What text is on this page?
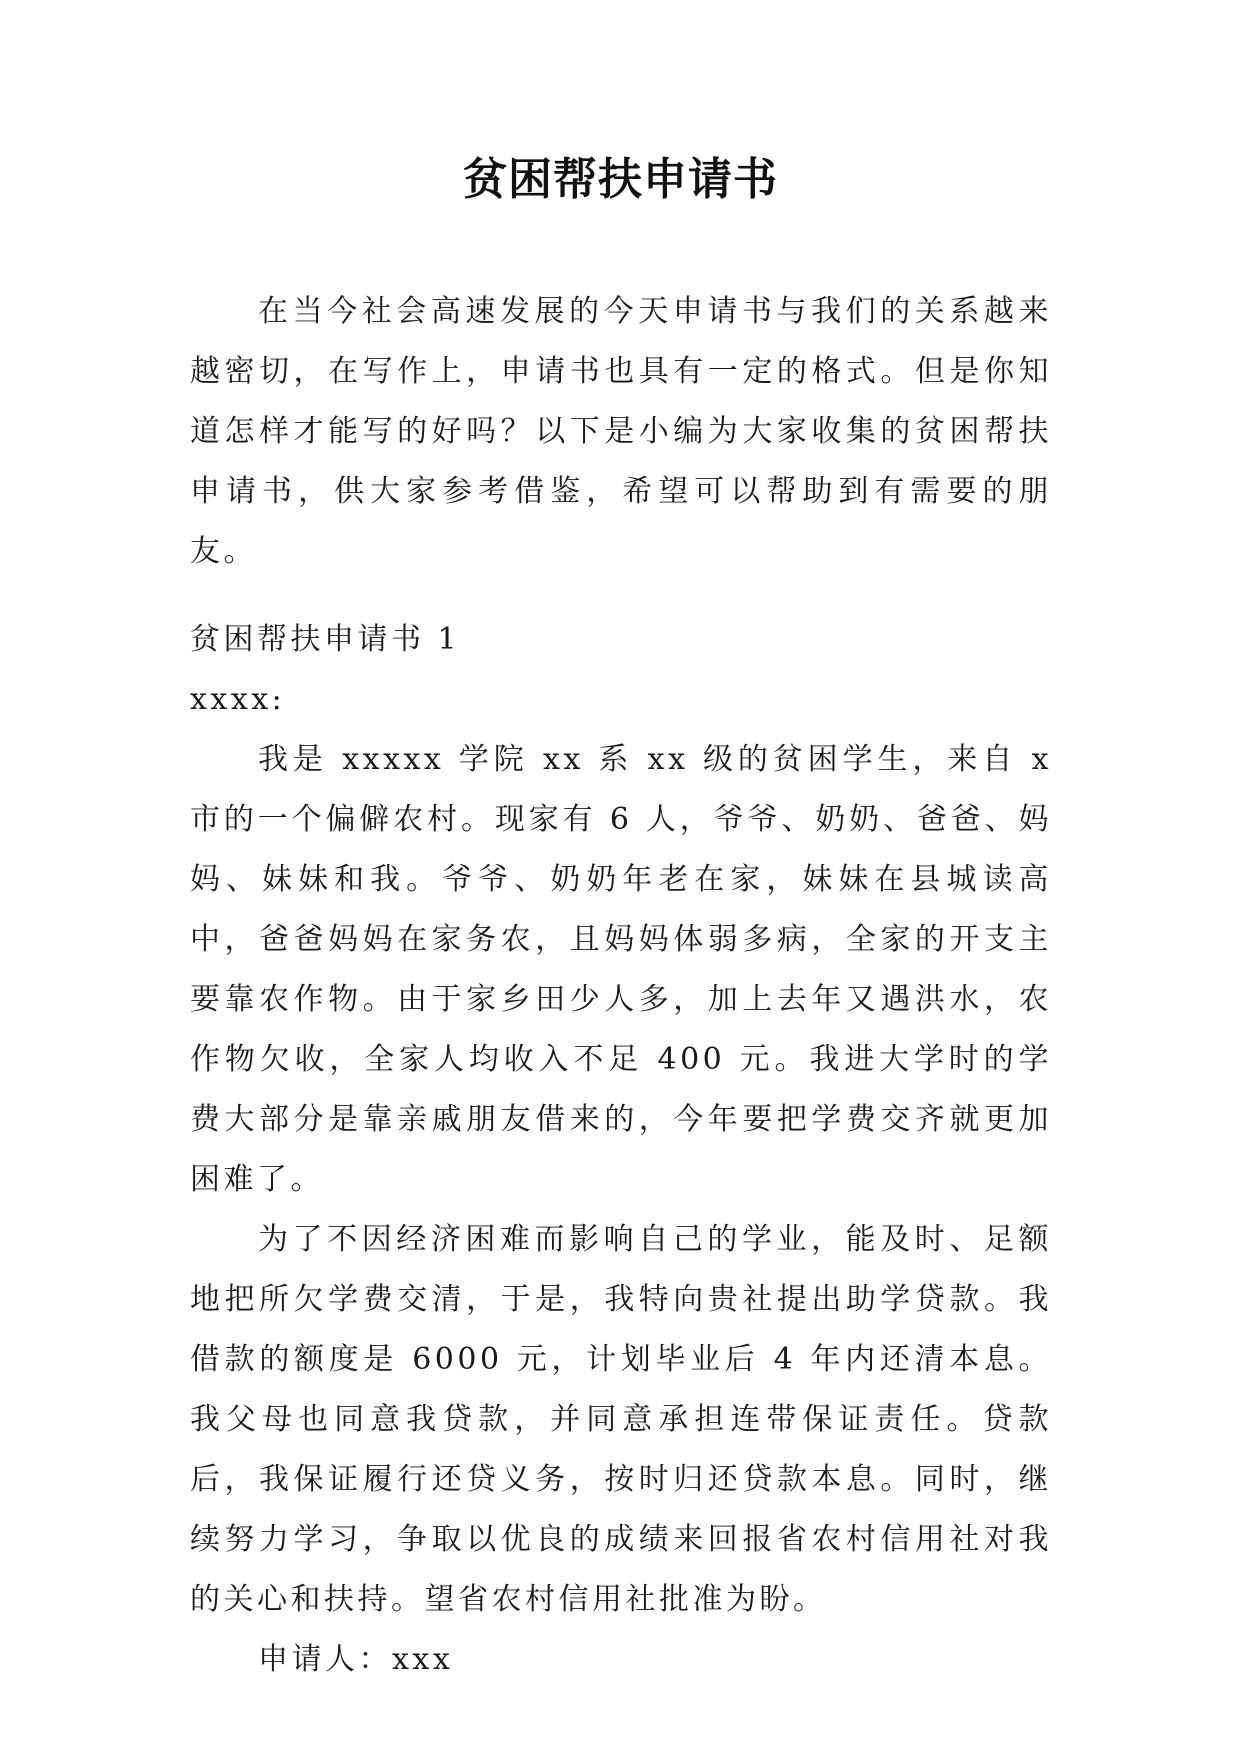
贫困帮扶申请书

在当今社会高速发展的今天申请书与我们的关系越来越密切，在写作上，申请书也具有一定的格式。但是你知道怎样才能写的好吗？以下是小编为大家收集的贫困帮扶申请书，供大家参考借鉴，希望可以帮助到有需要的朋友。

贫困帮扶申请书 1

xxxx:

我是 xxxxx 学院 xx 系 xx 级的贫困学生，来自 x 市的一个偏僻农村。现家有 6 人，爷爷、奶奶、爸爸、妈妈、妹妹和我。爷爷、奶奶年老在家，妹妹在县城读高中，爸爸妈妈在家务农，且妈妈体弱多病，全家的开支主要靠农作物。由于家乡田少人多，加上去年又遇洪水，农作物欠收，全家人均收入不足 400 元。我进大学时的学费大部分是靠亲戚朋友借来的，今年要把学费交齐就更加困难了。

为了不因经济困难而影响自己的学业，能及时、足额地把所欠学费交清，于是，我特向贵社提出助学贷款。我借款的额度是 6000 元，计划毕业后 4 年内还清本息。我父母也同意我贷款，并同意承担连带保证责任。贷款后，我保证履行还贷义务，按时归还贷款本息。同时，继续努力学习，争取以优良的成绩来回报省农村信用社对我的关心和扶持。望省农村信用社批准为盼。

申请人：xxx
